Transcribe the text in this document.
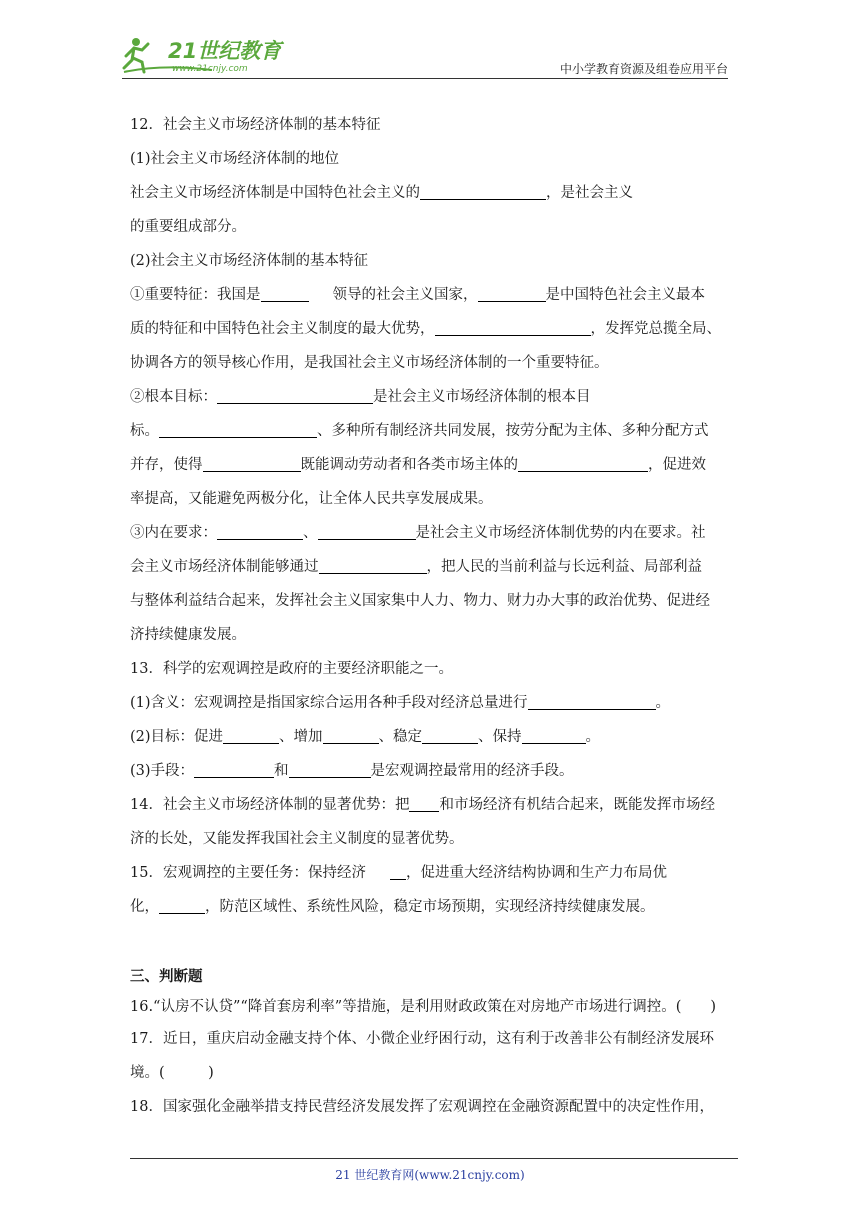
21世纪教育
www.21cnjy.com	中小学教育资源及组卷应用平台
12．社会主义市场经济体制的基本特征
(1)社会主义市场经济体制的地位
社会主义市场经济体制是中国特色社会主义的	，是社会主义
的重要组成部分。
(2)社会主义市场经济体制的基本特征
①重要特征：我国是	领导的社会主义国家，	是中国特色社会主义最本
质的特征和中国特色社会主义制度的最大优势，	，发挥党总揽全局、
协调各方的领导核心作用，是我国社会主义市场经济体制的一个重要特征。
②根本目标：	是社会主义市场经济体制的根本目
标。	、多种所有制经济共同发展，按劳分配为主体、多种分配方式
并存，使得	既能调动劳动者和各类市场主体的	，促进效
率提高，又能避免两极分化，让全体人民共享发展成果。
③内在要求：	、	是社会主义市场经济体制优势的内在要求。社
会主义市场经济体制能够通过	，把人民的当前利益与长远利益、局部利益
与整体利益结合起来，发挥社会主义国家集中人力、物力、财力办大事的政治优势、促进经
济持续健康发展。
13．科学的宏观调控是政府的主要经济职能之一。
(1)含义：宏观调控是指国家综合运用各种手段对经济总量进行	。
(2)目标：促进	、增加	、稳定	、保持	。
(3)手段：	和	是宏观调控最常用的经济手段。
14．社会主义市场经济体制的显著优势：把 和市场经济有机结合起来，既能发挥市场经
济的长处，又能发挥我国社会主义制度的显著优势。
15．宏观调控的主要任务：保持经济	，促进重大经济结构协调和生产力布局优
化，	，防范区域性、系统性风险，稳定市场预期，实现经济持续健康发展。
三、判断题
16.“认房不认贷”“降首套房利率”等措施，是利用财政政策在对房地产市场进行调控。(　　)
17．近日，重庆启动金融支持个体、小微企业纾困行动，这有利于改善非公有制经济发展环
境。(　　　)
18．国家强化金融举措支持民营经济发展发挥了宏观调控在金融资源配置中的决定性作用，
21 世纪教育网(www.21cnjy.com)
